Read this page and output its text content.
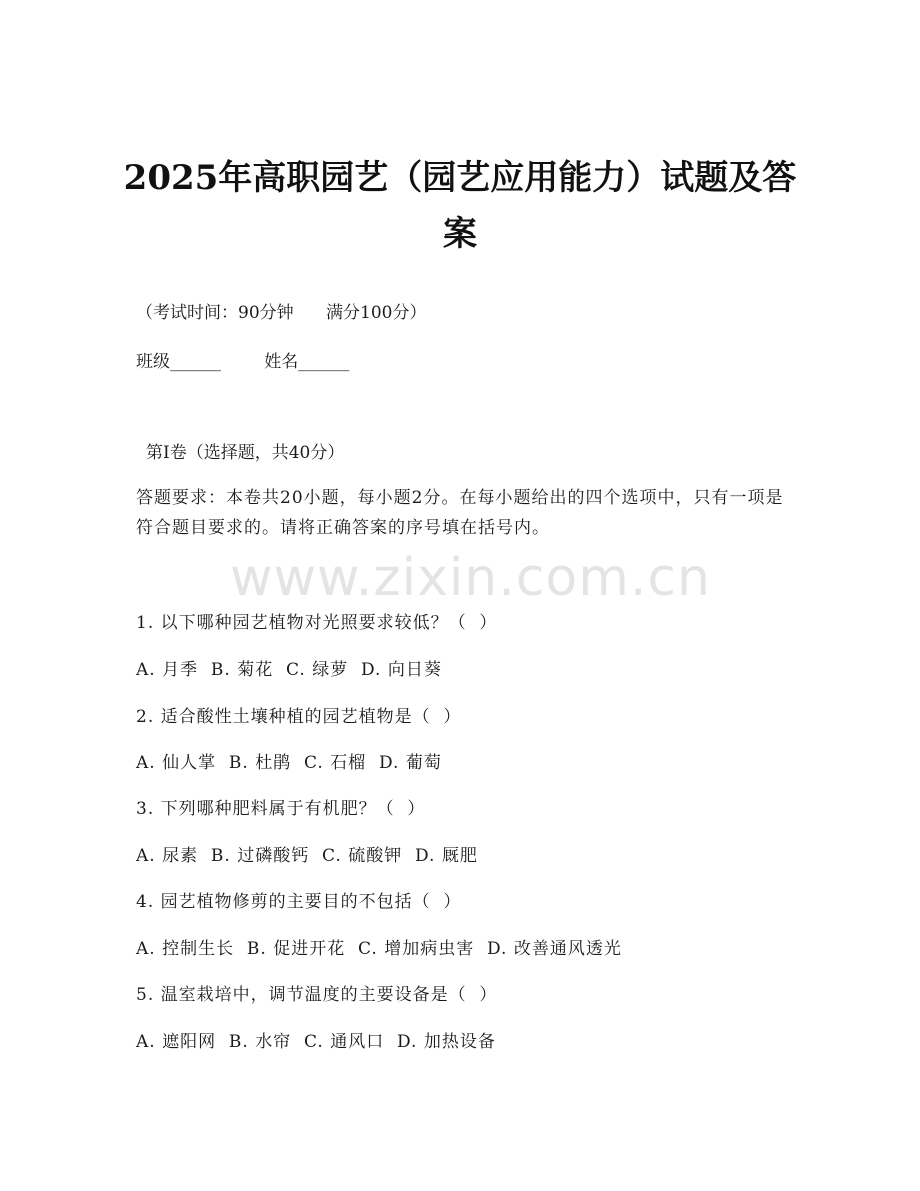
2025年高职园艺（园艺应用能力）试题及答案

（考试时间：90分钟      满分100分）

班级______        姓名______

第Ⅰ卷（选择题，共40分）

答题要求：本卷共20小题，每小题2分。在每小题给出的四个选项中，只有一项是符合题目要求的。请将正确答案的序号填在括号内。

www.zixin.com.cn

1. 以下哪种园艺植物对光照要求较低？（  ）

A. 月季  B. 菊花  C. 绿萝  D. 向日葵

2. 适合酸性土壤种植的园艺植物是（  ）

A. 仙人掌  B. 杜鹃  C. 石榴  D. 葡萄

3. 下列哪种肥料属于有机肥？（  ）

A. 尿素  B. 过磷酸钙  C. 硫酸钾  D. 厩肥

4. 园艺植物修剪的主要目的不包括（  ）

A. 控制生长  B. 促进开花  C. 增加病虫害  D. 改善通风透光

5. 温室栽培中，调节温度的主要设备是（  ）

A. 遮阳网  B. 水帘  C. 通风口  D. 加热设备
